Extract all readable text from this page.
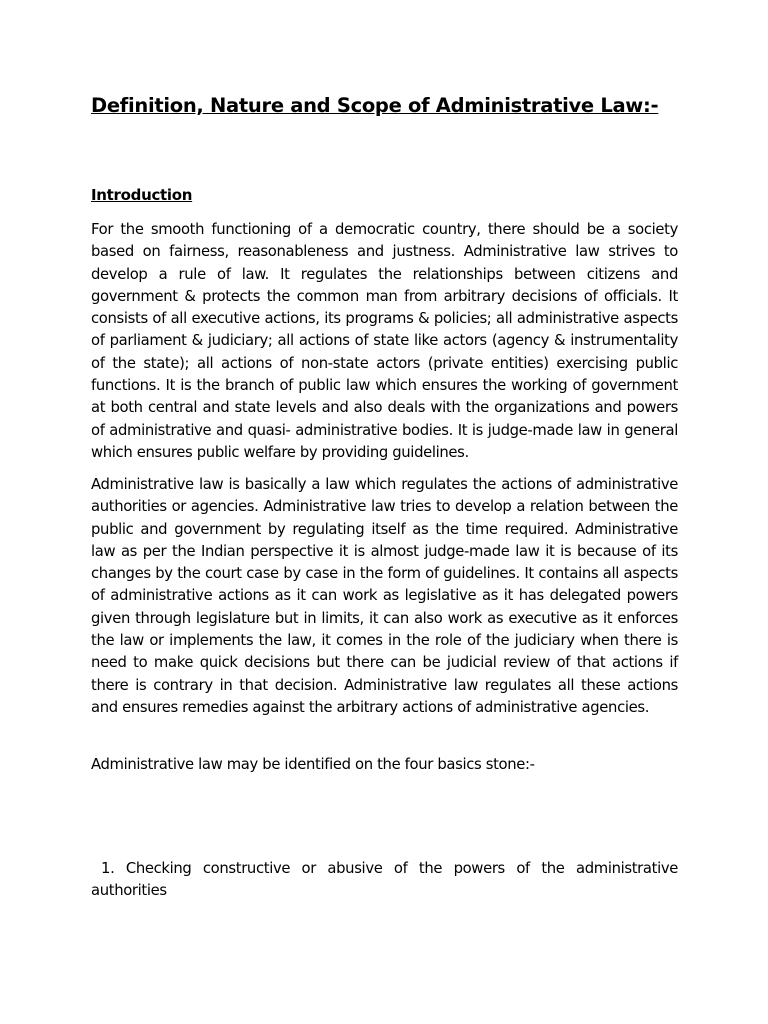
Definition, Nature and Scope of Administrative Law:-
Introduction

For the smooth functioning of a democratic country, there should be a society based on fairness, reasonableness and justness. Administrative law strives to develop a rule of law. It regulates the relationships between citizens and government & protects the common man from arbitrary decisions of officials. It consists of all executive actions, its programs & policies; all administrative aspects of parliament & judiciary; all actions of state like actors (agency & instrumentality of the state); all actions of non-state actors (private entities) exercising public functions. It is the branch of public law which ensures the working of government at both central and state levels and also deals with the organizations and powers of administrative and quasi- administrative bodies. It is judge-made law in general which ensures public welfare by providing guidelines.

Administrative law is basically a law which regulates the actions of administrative authorities or agencies. Administrative law tries to develop a relation between the public and government by regulating itself as the time required. Administrative law as per the Indian perspective it is almost judge-made law it is because of its changes by the court case by case in the form of guidelines. It contains all aspects of administrative actions as it can work as legislative as it has delegated powers given through legislature but in limits, it can also work as executive as it enforces the law or implements the law, it comes in the role of the judiciary when there is need to make quick decisions but there can be judicial review of that actions if there is contrary in that decision. Administrative law regulates all these actions and ensures remedies against the arbitrary actions of administrative agencies.

Administrative law may be identified on the four basics stone:-

1. Checking constructive or abusive of the powers of the administrative authorities
